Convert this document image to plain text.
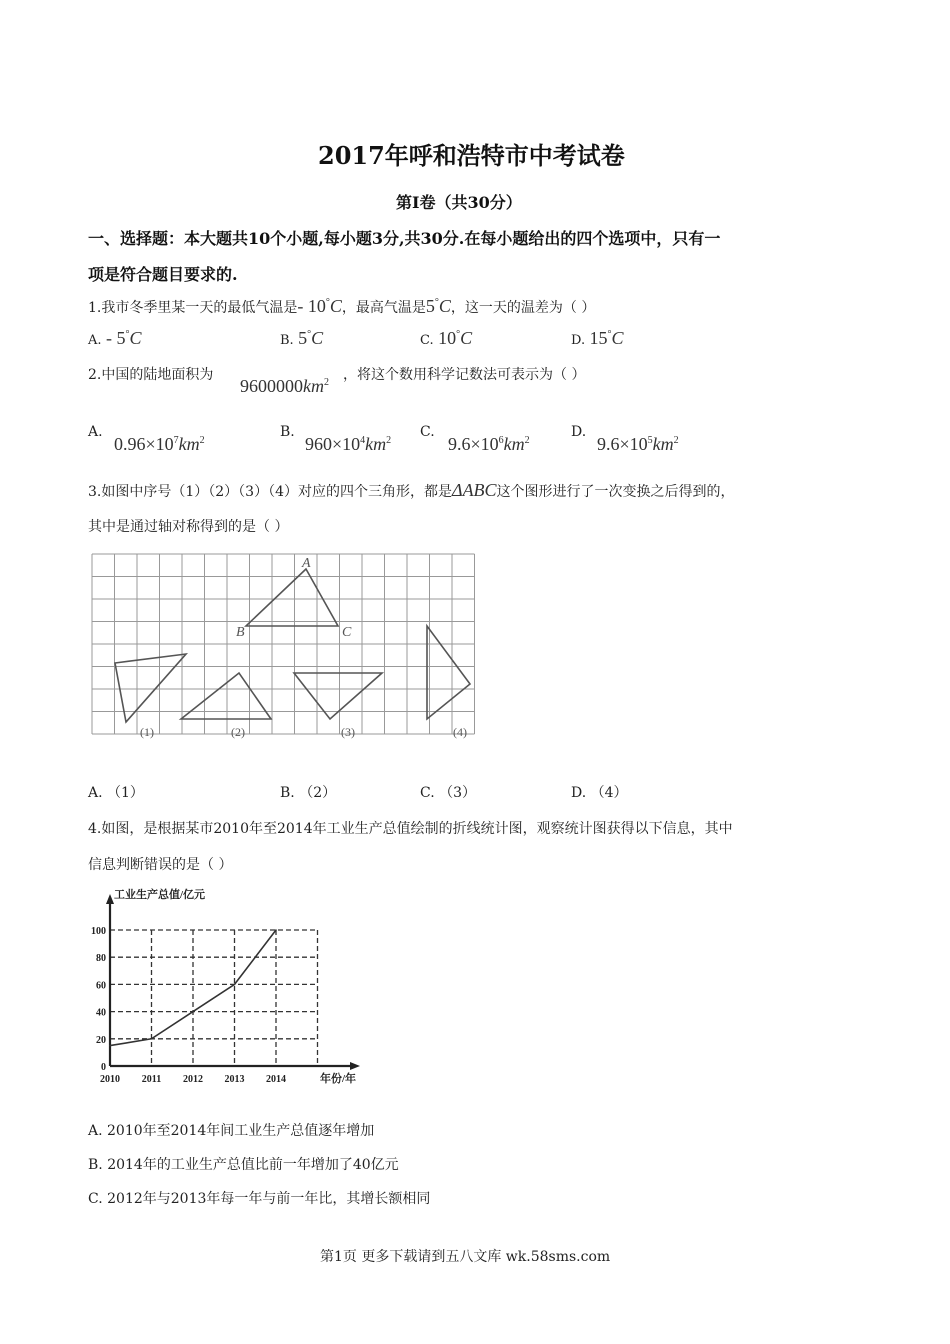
2017年呼和浩特市中考试卷
第Ⅰ卷（共30分）
一、选择题：本大题共10个小题,每小题3分,共30分.在每小题给出的四个选项中，只有一
项是符合题目要求的.
1.我市冬季里某一天的最低气温是- 10°C，最高气温是5°C，这一天的温差为（ ）
A. - 5°C	B. 5°C	C. 10°C	D. 15°C
2.中国的陆地面积为
$9600000km^2$ ，将这个数用科学记数法可表示为（ ）
A.
$0.96\times 10^7km^2$
B.
$960\times 10^4km^2$
C.
$9.6\times 10^6km^2$
D.
$9.6\times 10^5km^2$
3.如图中序号（1）（2）（3）（4）对应的四个三角形，都是ΔABC这个图形进行了一次变换之后得到的，
其中是通过轴对称得到的是（ ）
A
B	C
(1)	(2)	(3)	(4)
A. （1）	B. （2）	C. （3）	D. （4）
4.如图，是根据某市2010年至2014年工业生产总值绘制的折线统计图，观察统计图获得以下信息，其中
信息判断错误的是（ ）
0
20
40
60
80
100
2010 2011 2012 2013 2014
工业生产总值/亿元
年份/年
A. 2010年至2014年间工业生产总值逐年增加
B. 2014年的工业生产总值比前一年增加了40亿元
C. 2012年与2013年每一年与前一年比，其增长额相同
第1页 更多下载请到五八文库 wk.58sms.com
